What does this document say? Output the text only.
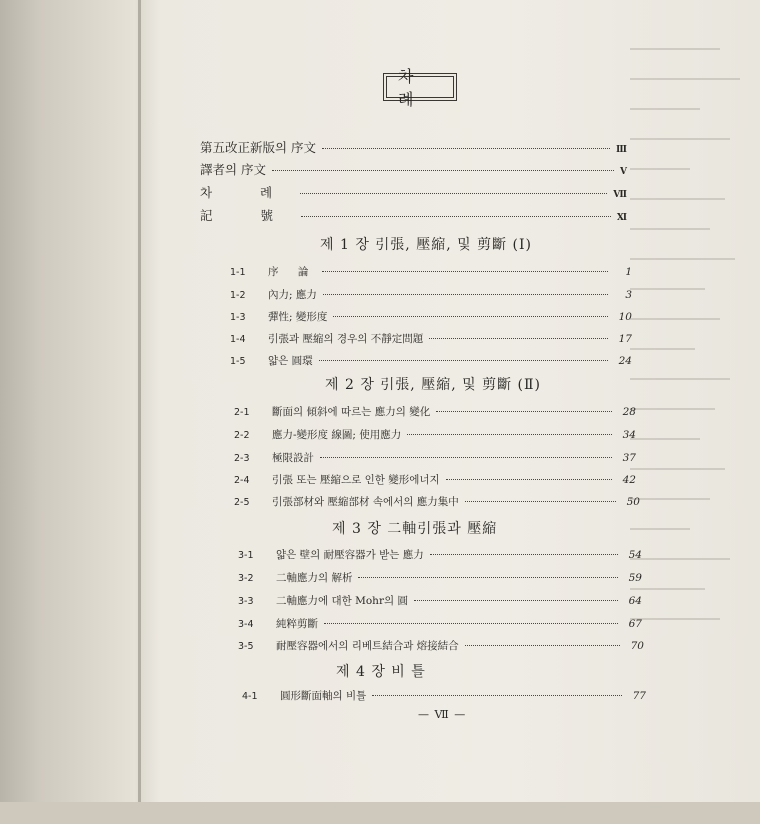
차 례
第五改正新版의 序文	Ⅲ
譯者의 序文	Ⅴ
차 례	Ⅶ
記 號	Ⅺ
제 1 장 引張, 壓縮, 및 剪斷 (Ⅰ)
1-1	序 論	1
1-2	內力; 應力	3
1-3	彈性; 變形度	10
1-4	引張과 壓縮의 경우의 不靜定問題	17
1-5	얇은 圓環	24
제 2 장 引張, 壓縮, 및 剪斷 (Ⅱ)
2-1	斷面의 傾斜에 따르는 應力의 變化	28
2-2	應力-變形度 線圖; 使用應力	34
2-3	極限設計	37
2-4	引張 또는 壓縮으로 인한 變形에너지	42
2-5	引張部材와 壓縮部材 속에서의 應力集中	50
제 3 장 二軸引張과 壓縮
3-1	얇은 壁의 耐壓容器가 받는 應力	54
3-2	二軸應力의 解析	59
3-3	二軸應力에 대한 Mohr의 圓	64
3-4	純粹剪斷	67
3-5	耐壓容器에서의 리베트結合과 熔接結合	70
제 4 장 비 틀
4-1	圓形斷面軸의 비틀	77
— Ⅶ —
